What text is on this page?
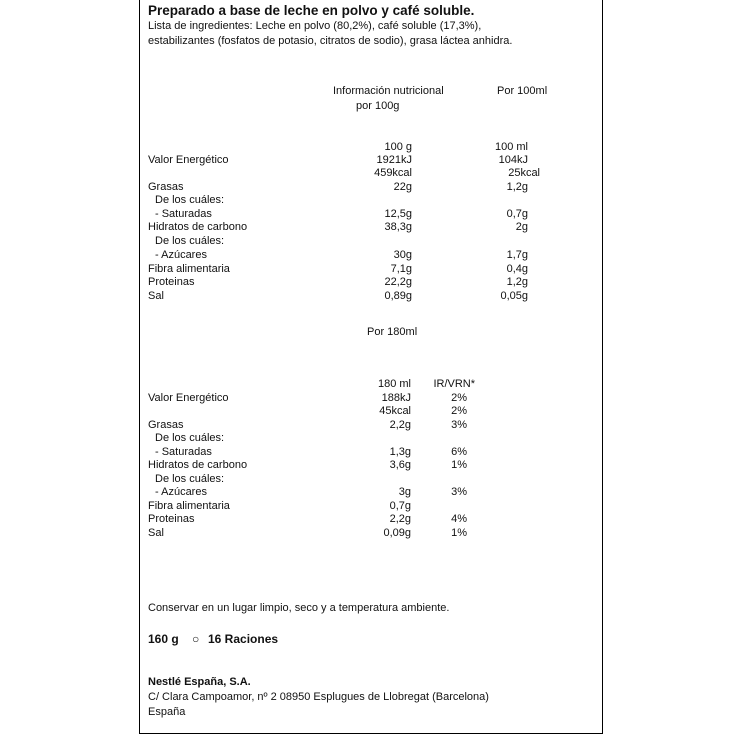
Preparado a base de leche en polvo y café soluble.
Lista de ingredientes: Leche en polvo (80,2%), café soluble (17,3%),
estabilizantes (fosfatos de potasio, citratos de sodio), grasa láctea anhidra.
Información nutricional
por 100g
Por 100ml
100 g	100 ml
Valor Energético	1921kJ	104kJ
459kcal	25kcal
Grasas	22g	1,2g
De los cuáles:
- Saturadas	12,5g	0,7g
Hidratos de carbono	38,3g	2g
De los cuáles:
- Azúcares	30g	1,7g
Fibra alimentaria	7,1g	0,4g
Proteinas	22,2g	1,2g
Sal	0,89g	0,05g
Por 180ml
180 ml	IR/VRN*
Valor Energético	188kJ	2%
45kcal	2%
Grasas	2,2g	3%
De los cuáles:
- Saturadas	1,3g	6%
Hidratos de carbono	3,6g	1%
De los cuáles:
- Azúcares	3g	3%
Fibra alimentaria	0,7g
Proteinas	2,2g	4%
Sal	0,09g	1%
Conservar en un lugar limpio, seco y a temperatura ambiente.
160 g ○ 16 Raciones
Nestlé España, S.A.
C/ Clara Campoamor, nº 2 08950 Esplugues de Llobregat (Barcelona)
España
